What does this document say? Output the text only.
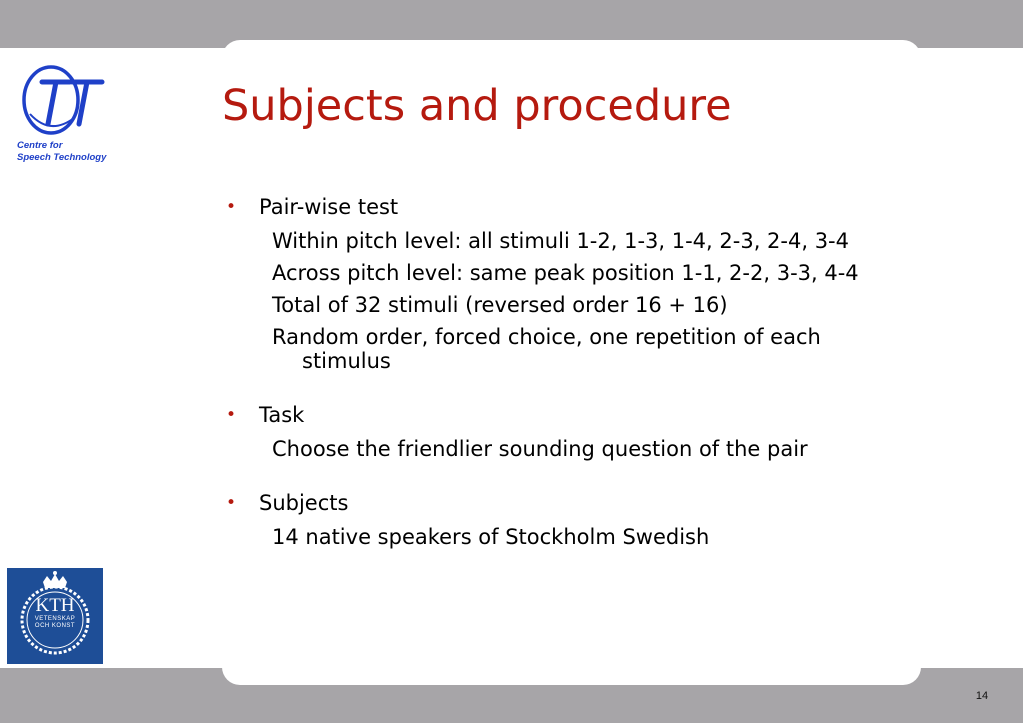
Centre for
Speech Technology
KTH
VETENSKAP
OCH KONST
Subjects and procedure
• Pair-wise test
Within pitch level: all stimuli 1-2, 1-3, 1-4, 2-3, 2-4, 3-4
Across pitch level: same peak position 1-1, 2-2, 3-3, 4-4
Total of 32 stimuli (reversed order 16 + 16)
Random order, forced choice, one repetition of each stimulus
• Task
Choose the friendlier sounding question of the pair
• Subjects
14 native speakers of Stockholm Swedish
14
